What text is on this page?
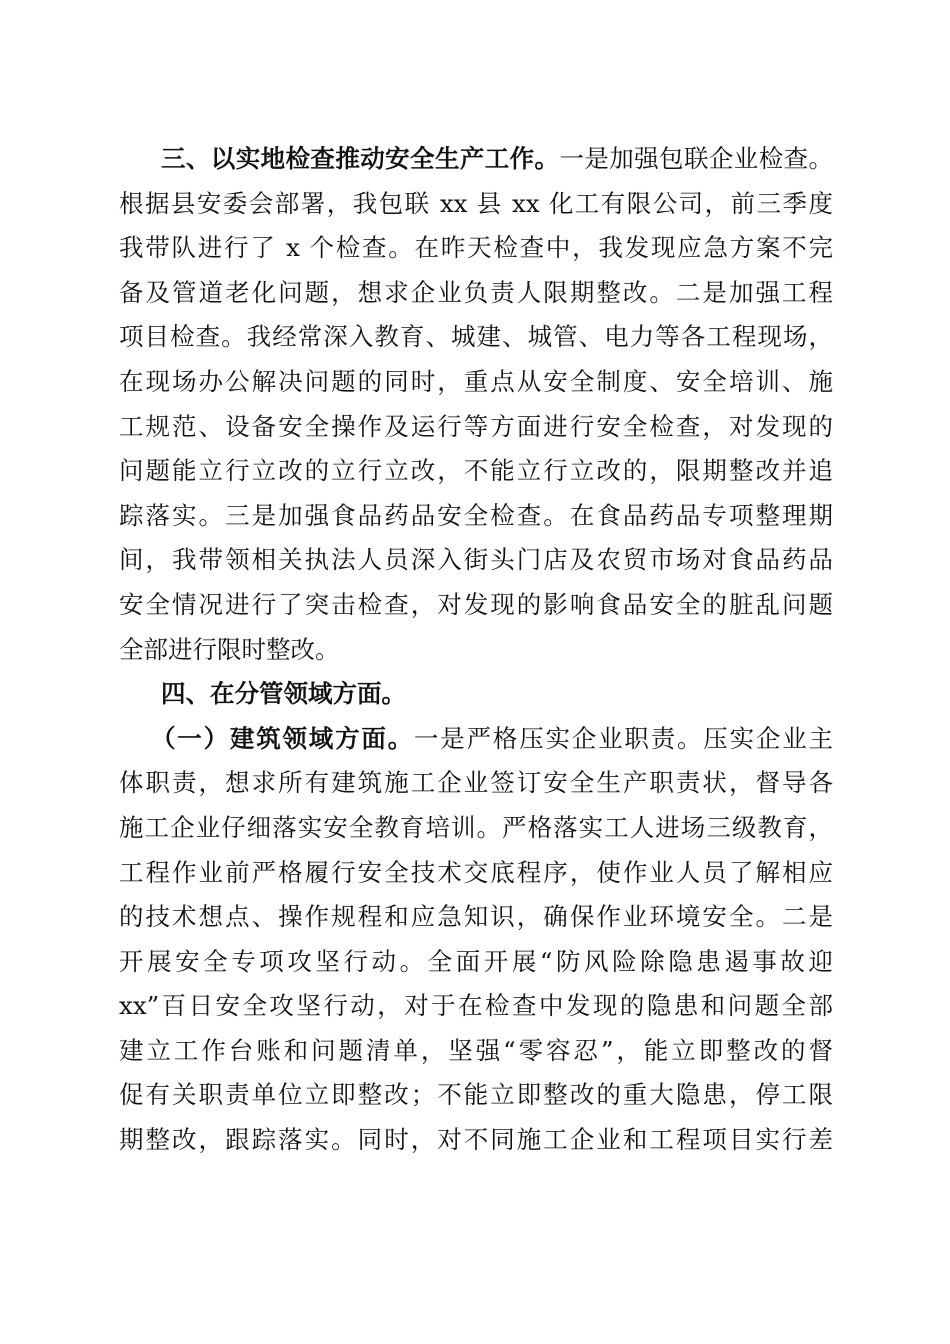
三、以实地检查推动安全生产工作。一是加强包联企业检查。
根据县安委会部署，我包联 xx 县 xx 化工有限公司，前三季度
我带队进行了 x 个检查。在昨天检查中，我发现应急方案不完
备及管道老化问题，想求企业负责人限期整改。二是加强工程
项目检查。我经常深入教育、城建、城管、电力等各工程现场，
在现场办公解决问题的同时，重点从安全制度、安全培训、施
工规范、设备安全操作及运行等方面进行安全检查，对发现的
问题能立行立改的立行立改，不能立行立改的，限期整改并追
踪落实。三是加强食品药品安全检查。在食品药品专项整理期
间，我带领相关执法人员深入街头门店及农贸市场对食品药品
安全情况进行了突击检查，对发现的影响食品安全的脏乱问题
全部进行限时整改。
四、在分管领域方面。
（一）建筑领域方面。一是严格压实企业职责。压实企业主
体职责，想求所有建筑施工企业签订安全生产职责状，督导各
施工企业仔细落实安全教育培训。严格落实工人进场三级教育，
工程作业前严格履行安全技术交底程序，使作业人员了解相应
的技术想点、操作规程和应急知识，确保作业环境安全。二是
开展安全专项攻坚行动。全面开展“防风险除隐患遏事故迎
xx”百日安全攻坚行动，对于在检查中发现的隐患和问题全部
建立工作台账和问题清单，坚强“零容忍”，能立即整改的督
促有关职责单位立即整改；不能立即整改的重大隐患，停工限
期整改，跟踪落实。同时，对不同施工企业和工程项目实行差
